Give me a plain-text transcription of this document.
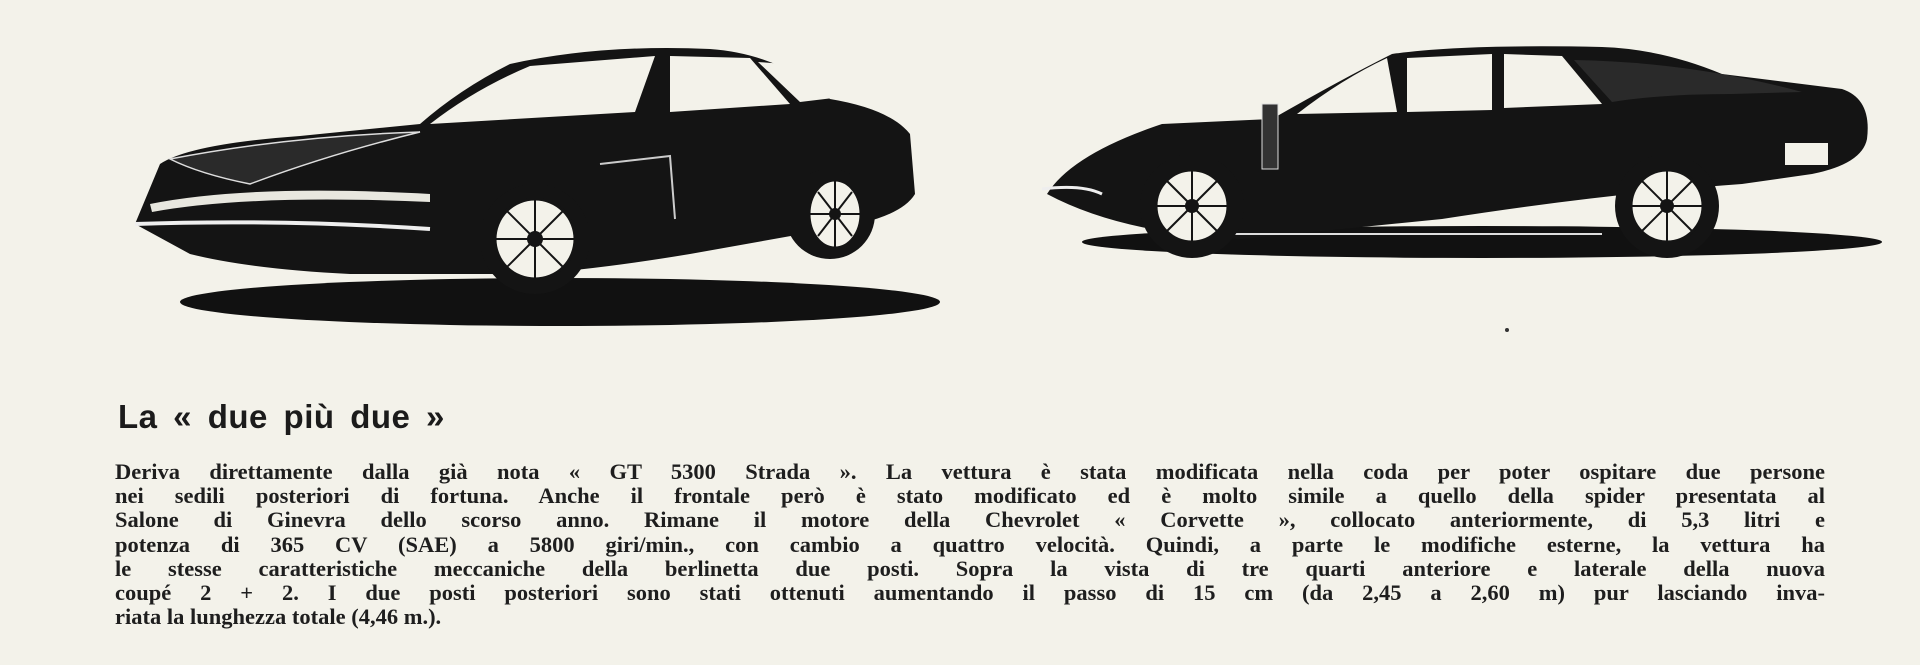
La « due più due »
Deriva direttamente dalla già nota « GT 5300 Strada ». La vettura è stata modificata nella coda per poter ospitare due persone
nei sedili posteriori di fortuna. Anche il frontale però è stato modificato ed è molto simile a quello della spider presentata al
Salone di Ginevra dello scorso anno. Rimane il motore della Chevrolet « Corvette », collocato anteriormente, di 5,3 litri e
potenza di 365 CV (SAE) a 5800 giri/min., con cambio a quattro velocità. Quindi, a parte le modifiche esterne, la vettura ha
le stesse caratteristiche meccaniche della berlinetta due posti. Sopra la vista di tre quarti anteriore e laterale della nuova
coupé 2 + 2. I due posti posteriori sono stati ottenuti aumentando il passo di 15 cm (da 2,45 a 2,60 m) pur lasciando inva-
riata la lunghezza totale (4,46 m.).
